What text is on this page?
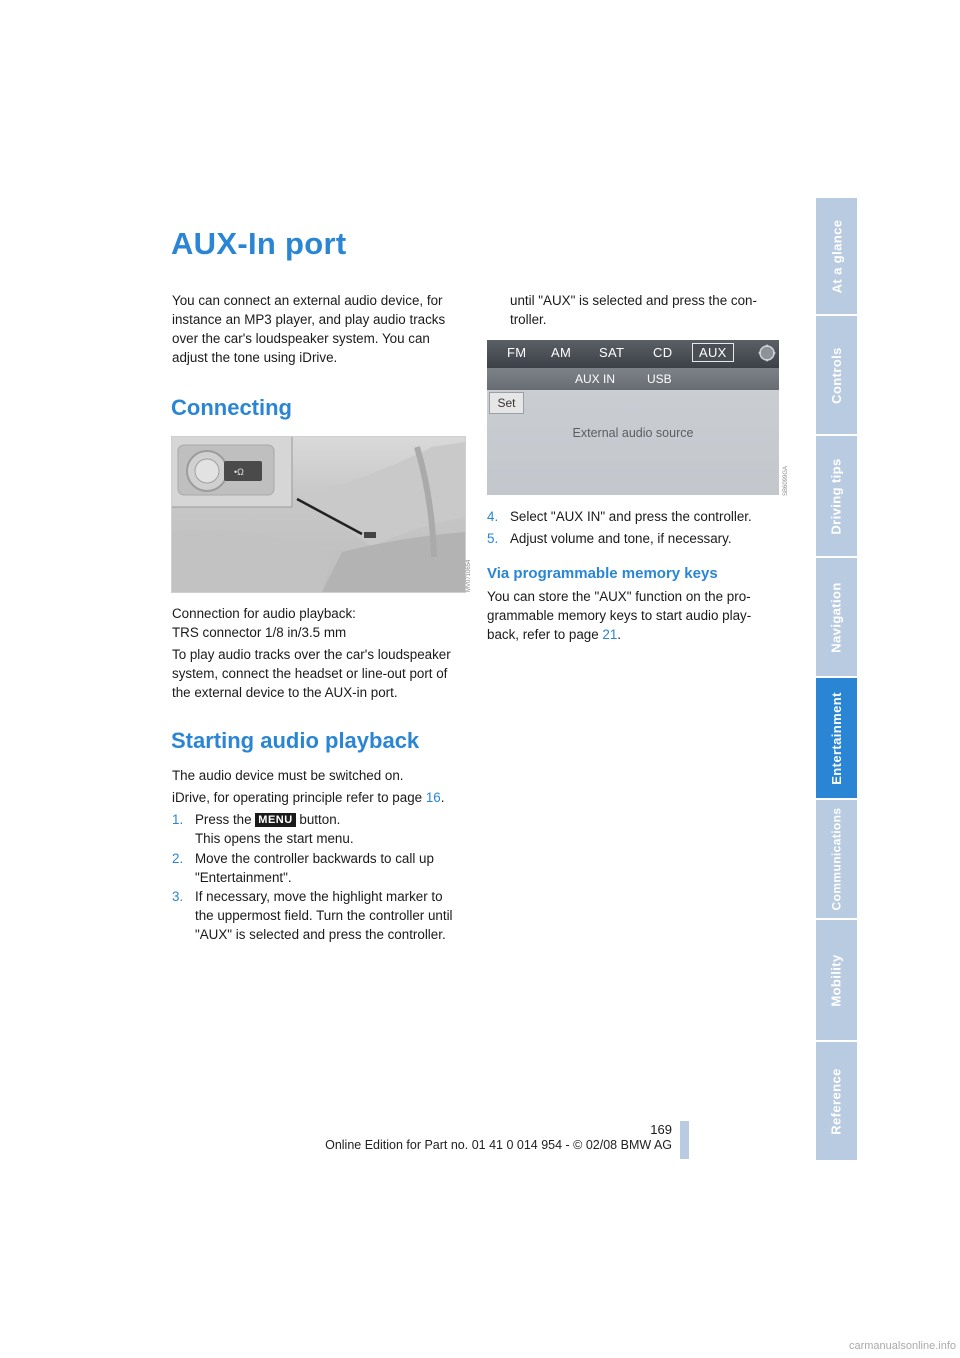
AUX-In port

You can connect an external audio device, for instance an MP3 player, and play audio tracks over the car's loudspeaker system. You can adjust the tone using iDrive.

Connecting
•Ω
MV0710654

Connection for audio playback:

TRS connector 1/8 in/3.5 mm

To play audio tracks over the car's loudspeaker system, connect the headset or line-out port of the external device to the AUX-in port.

Starting audio playback

The audio device must be switched on.

iDrive, for operating principle refer to page 16.

1. Press the MENU button.
This opens the start menu.
2. Move the controller backwards to call up "Entertainment".
3. If necessary, move the highlight marker to the uppermost field. Turn the controller until "AUX" is selected and press the controller.

until "AUX" is selected and press the con- troller.

FM AM SAT CD	AUX
AUX IN	USB
Set
External audio source
SB6099GA
4. Select "AUX IN" and press the controller.
5. Adjust volume and tone, if necessary.
Via programmable memory keys

You can store the "AUX" function on the pro- grammable memory keys to start audio play- back, refer to page 21.

At a glance
Controls
Driving tips
Navigation
Entertainment
Communications
Mobility
Reference
169
Online Edition for Part no. 01 41 0 014 954 - © 02/08 BMW AG
carmanualsonline.info
